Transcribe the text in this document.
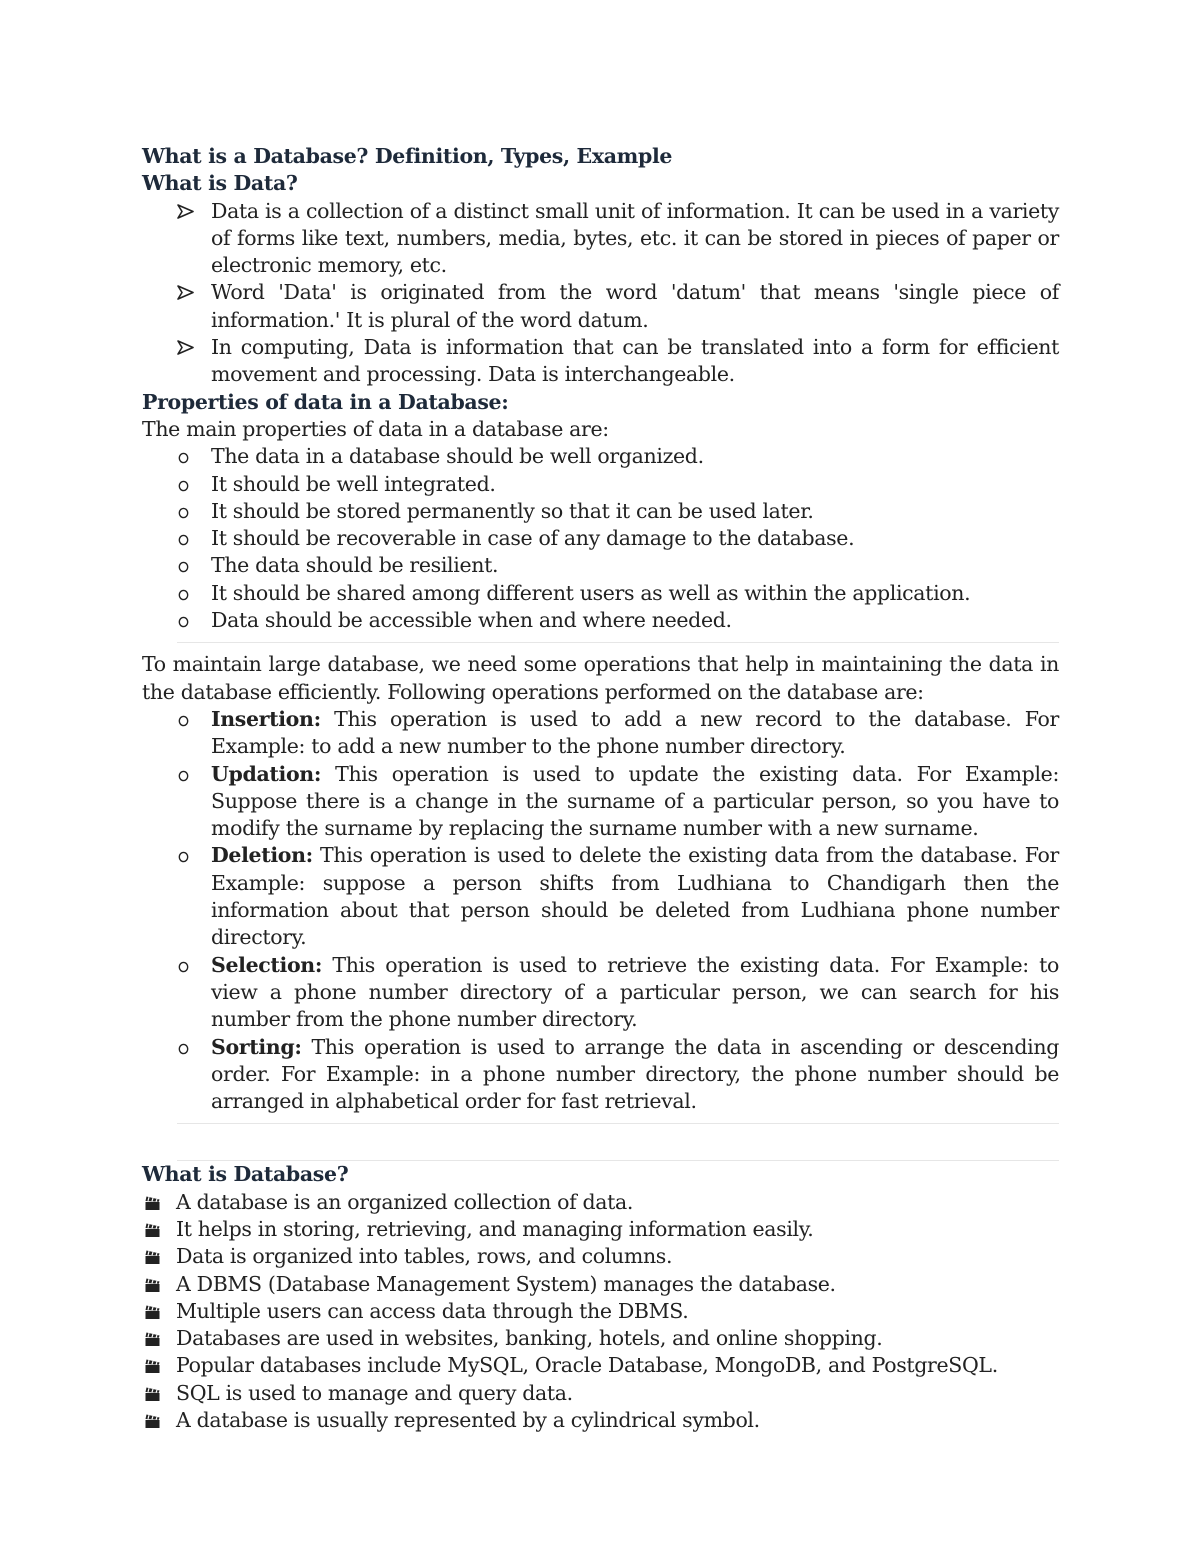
What is a Database? Definition, Types, Example

What is Data?

Data is a collection of a distinct small unit of information. It can be used in a variety of forms like text, numbers, media, bytes, etc. it can be stored in pieces of paper or electronic memory, etc.
Word 'Data' is originated from the word 'datum' that means 'single piece of information.' It is plural of the word datum.
In computing, Data is information that can be translated into a form for efficient movement and processing. Data is interchangeable.

Properties of data in a Database:

The main properties of data in a database are:

The data in a database should be well organized.
It should be well integrated.
It should be stored permanently so that it can be used later.
It should be recoverable in case of any damage to the database.
The data should be resilient.
It should be shared among different users as well as within the application.
Data should be accessible when and where needed.

To maintain large database, we need some operations that help in maintaining the data in the database efficiently. Following operations performed on the database are:

Insertion: This operation is used to add a new record to the database. For Example: to add a new number to the phone number directory.
Updation: This operation is used to update the existing data. For Example: Suppose there is a change in the surname of a particular person, so you have to modify the surname by replacing the surname number with a new surname.
Deletion: This operation is used to delete the existing data from the database. For Example: suppose a person shifts from Ludhiana to Chandigarh then the information about that person should be deleted from Ludhiana phone number directory.
Selection: This operation is used to retrieve the existing data. For Example: to view a phone number directory of a particular person, we can search for his number from the phone number directory.
Sorting: This operation is used to arrange the data in ascending or descending order. For Example: in a phone number directory, the phone number should be arranged in alphabetical order for fast retrieval.

What is Database?

A database is an organized collection of data.
It helps in storing, retrieving, and managing information easily.
Data is organized into tables, rows, and columns.
A DBMS (Database Management System) manages the database.
Multiple users can access data through the DBMS.
Databases are used in websites, banking, hotels, and online shopping.
Popular databases include MySQL, Oracle Database, MongoDB, and PostgreSQL.
SQL is used to manage and query data.
A database is usually represented by a cylindrical symbol.
